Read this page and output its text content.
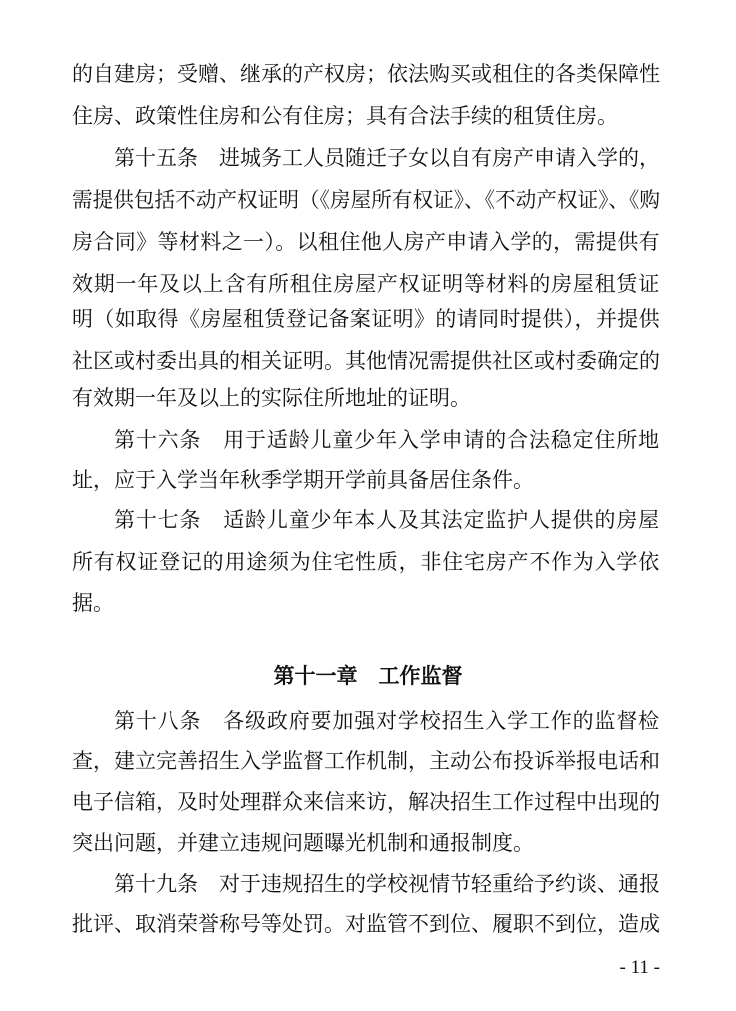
的自建房；受赠、继承的产权房；依法购买或租住的各类保障性

住房、政策性住房和公有住房；具有合法手续的租赁住房。

第十五条　进城务工人员随迁子女以自有房产申请入学的，

需提供包括不动产权证明（《房屋所有权证》、《不动产权证》、《购

房合同》等材料之一）。以租住他人房产申请入学的，需提供有

效期一年及以上含有所租住房屋产权证明等材料的房屋租赁证

明（如取得《房屋租赁登记备案证明》的请同时提供），并提供

社区或村委出具的相关证明。其他情况需提供社区或村委确定的

有效期一年及以上的实际住所地址的证明。

第十六条　用于适龄儿童少年入学申请的合法稳定住所地

址，应于入学当年秋季学期开学前具备居住条件。

第十七条　适龄儿童少年本人及其法定监护人提供的房屋

所有权证登记的用途须为住宅性质，非住宅房产不作为入学依

据。

第十一章　工作监督

第十八条　各级政府要加强对学校招生入学工作的监督检

查，建立完善招生入学监督工作机制，主动公布投诉举报电话和

电子信箱，及时处理群众来信来访，解决招生工作过程中出现的

突出问题，并建立违规问题曝光机制和通报制度。

第十九条　对于违规招生的学校视情节轻重给予约谈、通报

批评、取消荣誉称号等处罚。对监管不到位、履职不到位，造成

- 11 -
